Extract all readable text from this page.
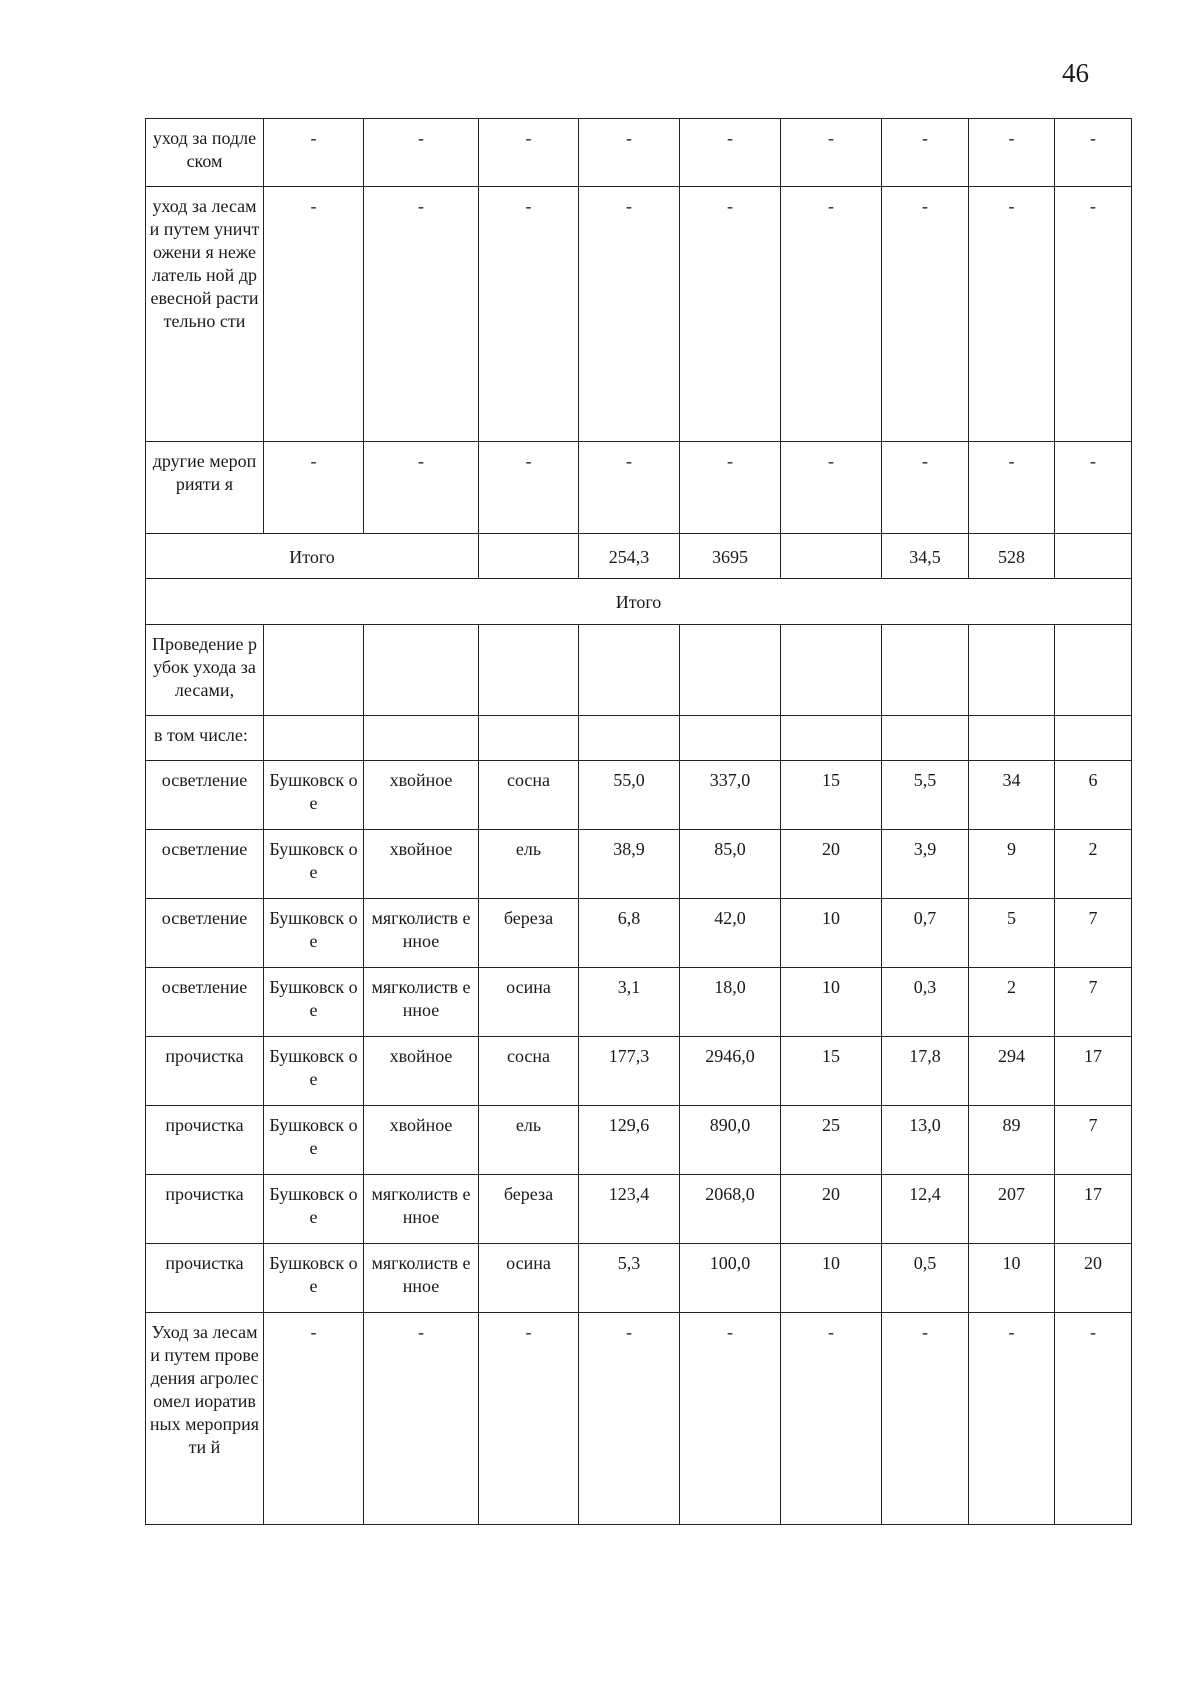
46
уход за подлеском	-	-	-	-	-	-	-	-	-
уход за лесами путем уничтожени я нежелатель ной древесной растительно сти	-	-	-	-	-	-	-	-	-
другие мероприяти я	-	-	-	-	-	-	-	-	-
Итого				254,3	3695		34,5	528	
Итого									
Проведение рубок ухода за лесами,									
в том числе:									
осветление	Бушковск ое	хвойное	сосна	55,0	337,0	15	5,5	34	6
осветление	Бушковск ое	хвойное	ель	38,9	85,0	20	3,9	9	2
осветление	Бушковск ое	мягколиств енное	береза	6,8	42,0	10	0,7	5	7
осветление	Бушковск ое	мягколиств енное	осина	3,1	18,0	10	0,3	2	7
прочистка	Бушковск ое	хвойное	сосна	177,3	2946,0	15	17,8	294	17
прочистка	Бушковск ое	хвойное	ель	129,6	890,0	25	13,0	89	7
прочистка	Бушковск ое	мягколиств енное	береза	123,4	2068,0	20	12,4	207	17
прочистка	Бушковск ое	мягколиств енное	осина	5,3	100,0	10	0,5	10	20
Уход за лесами путем проведения агролесомел иоративных мероприяти й	-	-	-	-	-	-	-	-	-
